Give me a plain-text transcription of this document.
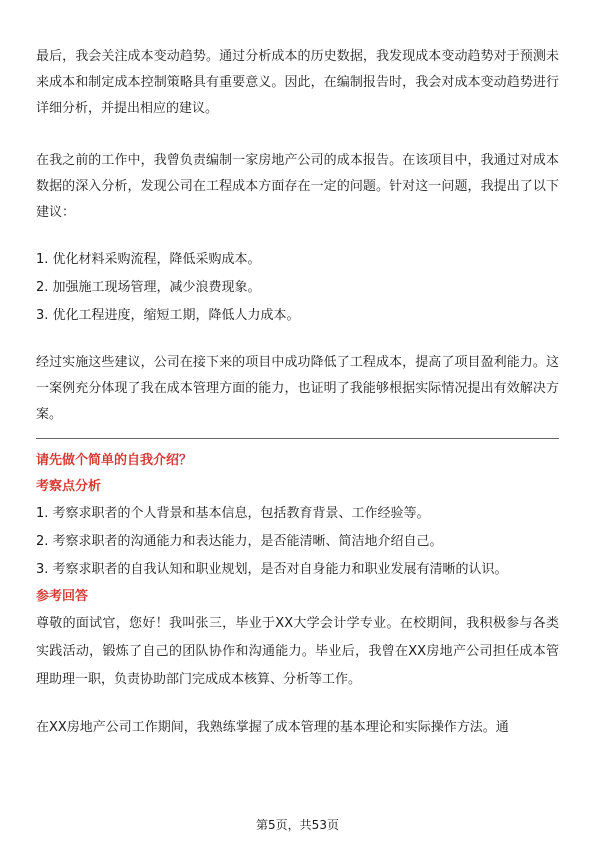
最后，我会关注成本变动趋势。通过分析成本的历史数据，我发现成本变动趋势对于预测未来成本和制定成本控制策略具有重要意义。因此，在编制报告时，我会对成本变动趋势进行详细分析，并提出相应的建议。

在我之前的工作中，我曾负责编制一家房地产公司的成本报告。在该项目中，我通过对成本数据的深入分析，发现公司在工程成本方面存在一定的问题。针对这一问题，我提出了以下建议：

1. 优化材料采购流程，降低采购成本。
2. 加强施工现场管理，减少浪费现象。
3. 优化工程进度，缩短工期，降低人力成本。

经过实施这些建议，公司在接下来的项目中成功降低了工程成本，提高了项目盈利能力。这一案例充分体现了我在成本管理方面的能力，也证明了我能够根据实际情况提出有效解决方案。

请先做个简单的自我介绍？
考察点分析
1. 考察求职者的个人背景和基本信息，包括教育背景、工作经验等。
2. 考察求职者的沟通能力和表达能力，是否能清晰、简洁地介绍自己。
3. 考察求职者的自我认知和职业规划，是否对自身能力和职业发展有清晰的认识。
参考回答

尊敬的面试官，您好！我叫张三，毕业于XX大学会计学专业。在校期间，我积极参与各类实践活动，锻炼了自己的团队协作和沟通能力。毕业后，我曾在XX房地产公司担任成本管理助理一职，负责协助部门完成成本核算、分析等工作。

在XX房地产公司工作期间，我熟练掌握了成本管理的基本理论和实际操作方法。通

第5页，共53页
